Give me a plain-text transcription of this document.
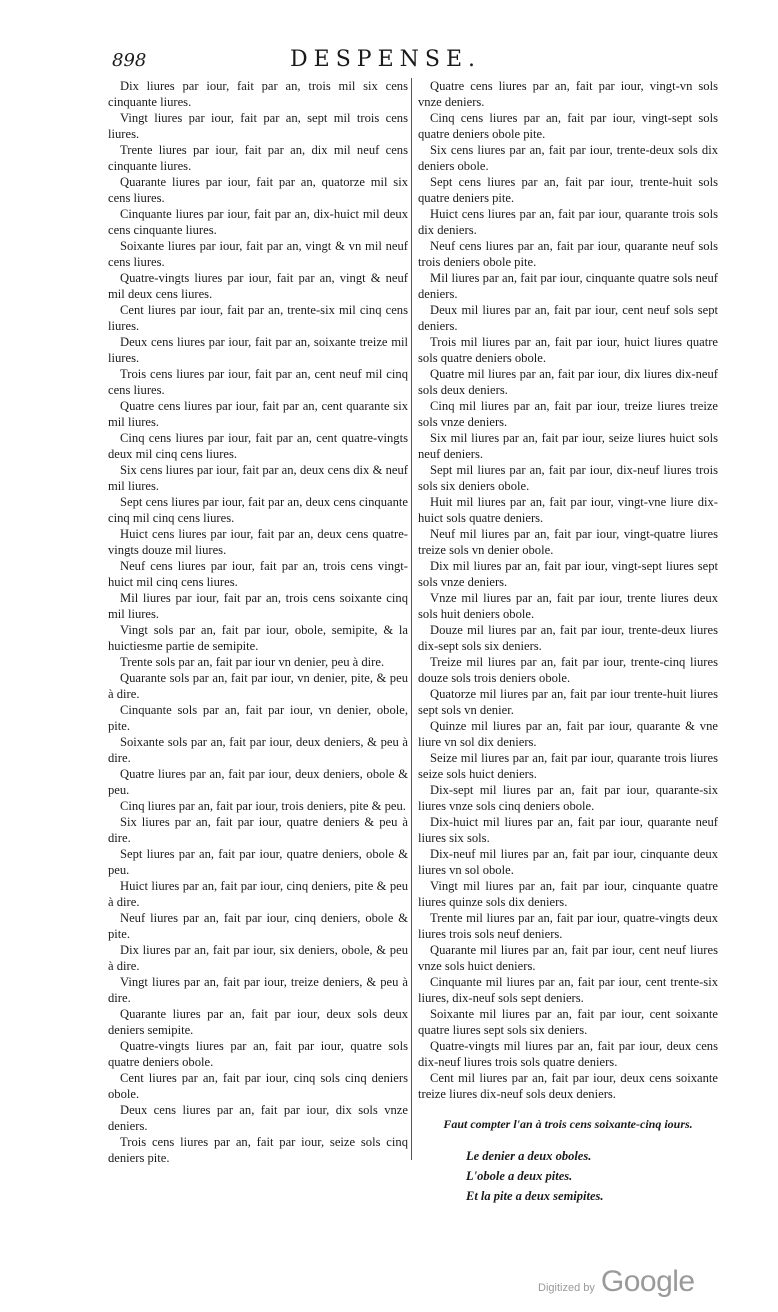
898	DESPENSE.

Dix liures par iour, fait par an, trois mil six cens cinquante liures.

Vingt liures par iour, fait par an, sept mil trois cens liures.

Trente liures par iour, fait par an, dix mil neuf cens cinquante liures.

Quarante liures par iour, fait par an, quatorze mil six cens liures.

Cinquante liures par iour, fait par an, dix-huict mil deux cens cinquante liures.

Soixante liures par iour, fait par an, vingt & vn mil neuf cens liures.

Quatre-vingts liures par iour, fait par an, vingt & neuf mil deux cens liures.

Cent liures par iour, fait par an, trente-six mil cinq cens liures.

Deux cens liures par iour, fait par an, soixante treize mil liures.

Trois cens liures par iour, fait par an, cent neuf mil cinq cens liures.

Quatre cens liures par iour, fait par an, cent quarante six mil liures.

Cinq cens liures par iour, fait par an, cent quatre-vingts deux mil cinq cens liures.

Six cens liures par iour, fait par an, deux cens dix & neuf mil liures.

Sept cens liures par iour, fait par an, deux cens cinquante cinq mil cinq cens liures.

Huict cens liures par iour, fait par an, deux cens quatre-vingts douze mil liures.

Neuf cens liures par iour, fait par an, trois cens vingt-huict mil cinq cens liures.

Mil liures par iour, fait par an, trois cens soixante cinq mil liures.

Vingt sols par an, fait par iour, obole, semipite, & la huictiesme partie de semipite.

Trente sols par an, fait par iour vn denier, peu à dire.

Quarante sols par an, fait par iour, vn denier, pite, & peu à dire.

Cinquante sols par an, fait par iour, vn denier, obole, pite.

Soixante sols par an, fait par iour, deux deniers, & peu à dire.

Quatre liures par an, fait par iour, deux deniers, obole & peu.

Cinq liures par an, fait par iour, trois deniers, pite & peu.

Six liures par an, fait par iour, quatre deniers & peu à dire.

Sept liures par an, fait par iour, quatre deniers, obole & peu.

Huict liures par an, fait par iour, cinq deniers, pite & peu à dire.

Neuf liures par an, fait par iour, cinq deniers, obole & pite.

Dix liures par an, fait par iour, six deniers, obole, & peu à dire.

Vingt liures par an, fait par iour, treize deniers, & peu à dire.

Quarante liures par an, fait par iour, deux sols deux deniers semipite.

Quatre-vingts liures par an, fait par iour, quatre sols quatre deniers obole.

Cent liures par an, fait par iour, cinq sols cinq deniers obole.

Deux cens liures par an, fait par iour, dix sols vnze deniers.

Trois cens liures par an, fait par iour, seize sols cinq deniers pite.

Quatre cens liures par an, fait par iour, vingt-vn sols vnze deniers.

Cinq cens liures par an, fait par iour, vingt-sept sols quatre deniers obole pite.

Six cens liures par an, fait par iour, trente-deux sols dix deniers obole.

Sept cens liures par an, fait par iour, trente-huit sols quatre deniers pite.

Huict cens liures par an, fait par iour, quarante trois sols dix deniers.

Neuf cens liures par an, fait par iour, quarante neuf sols trois deniers obole pite.

Mil liures par an, fait par iour, cinquante quatre sols neuf deniers.

Deux mil liures par an, fait par iour, cent neuf sols sept deniers.

Trois mil liures par an, fait par iour, huict liures quatre sols quatre deniers obole.

Quatre mil liures par an, fait par iour, dix liures dix-neuf sols deux deniers.

Cinq mil liures par an, fait par iour, treize liures treize sols vnze deniers.

Six mil liures par an, fait par iour, seize liures huict sols neuf deniers.

Sept mil liures par an, fait par iour, dix-neuf liures trois sols six deniers obole.

Huit mil liures par an, fait par iour, vingt-vne liure dix-huict sols quatre deniers.

Neuf mil liures par an, fait par iour, vingt-quatre liures treize sols vn denier obole.

Dix mil liures par an, fait par iour, vingt-sept liures sept sols vnze deniers.

Vnze mil liures par an, fait par iour, trente liures deux sols huit deniers obole.

Douze mil liures par an, fait par iour, trente-deux liures dix-sept sols six deniers.

Treize mil liures par an, fait par iour, trente-cinq liures douze sols trois deniers obole.

Quatorze mil liures par an, fait par iour trente-huit liures sept sols vn denier.

Quinze mil liures par an, fait par iour, quarante & vne liure vn sol dix deniers.

Seize mil liures par an, fait par iour, quarante trois liures seize sols huict deniers.

Dix-sept mil liures par an, fait par iour, quarante-six liures vnze sols cinq deniers obole.

Dix-huict mil liures par an, fait par iour, quarante neuf liures six sols.

Dix-neuf mil liures par an, fait par iour, cinquante deux liures vn sol obole.

Vingt mil liures par an, fait par iour, cinquante quatre liures quinze sols dix deniers.

Trente mil liures par an, fait par iour, quatre-vingts deux liures trois sols neuf deniers.

Quarante mil liures par an, fait par iour, cent neuf liures vnze sols huict deniers.

Cinquante mil liures par an, fait par iour, cent trente-six liures, dix-neuf sols sept deniers.

Soixante mil liures par an, fait par iour, cent soixante quatre liures sept sols six deniers.

Quatre-vingts mil liures par an, fait par iour, deux cens dix-neuf liures trois sols quatre deniers.

Cent mil liures par an, fait par iour, deux cens soixante treize liures dix-neuf sols deux deniers.

Faut compter l'an à trois cens soixante-cinq iours.
Le denier a deux oboles.
L'obole a deux pites.
Et la pite a deux semipites.
Digitized by Google
